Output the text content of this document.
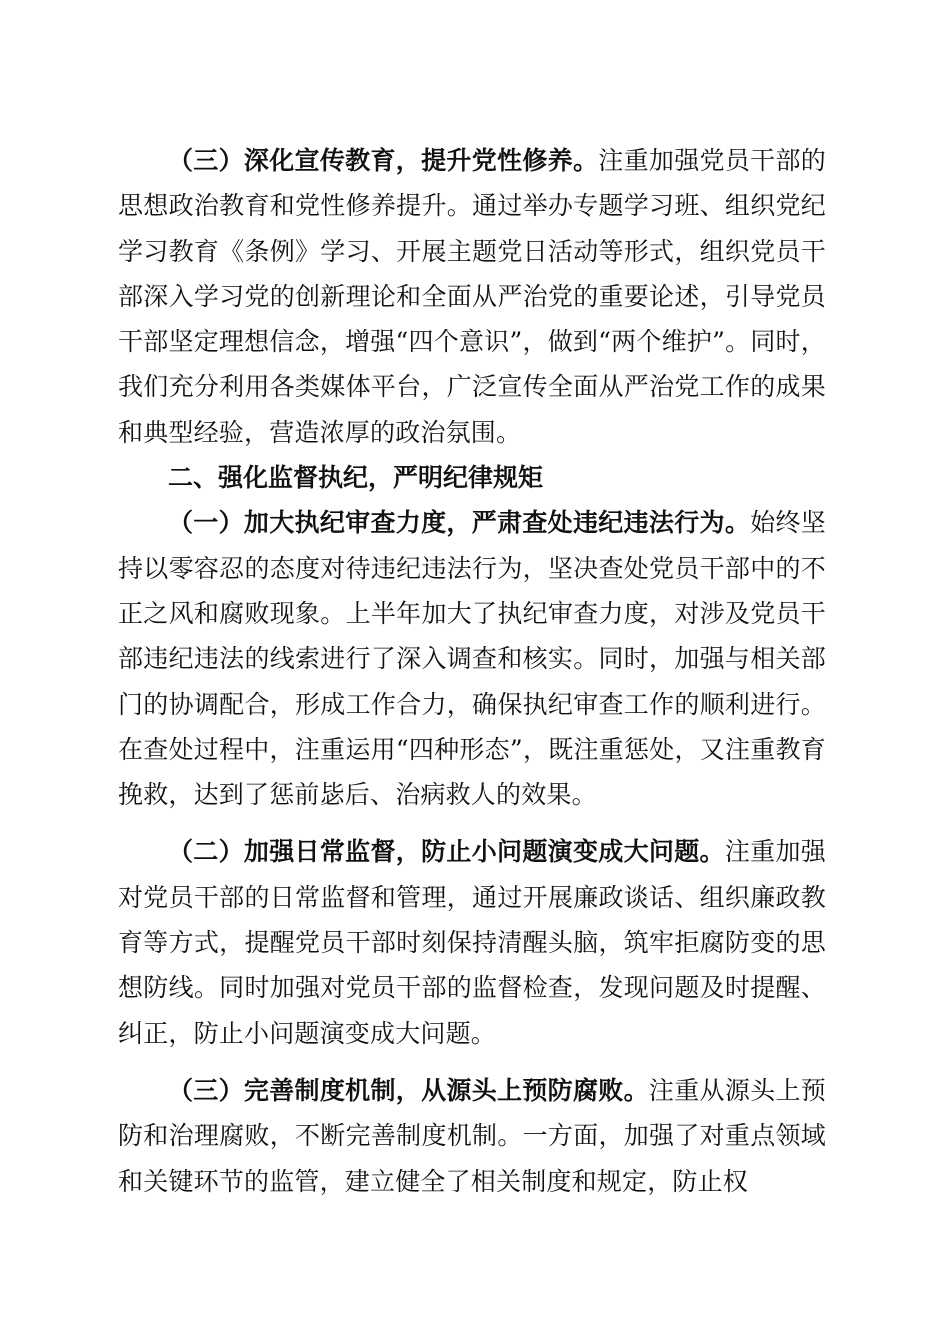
（三）深化宣传教育，提升党性修养。注重加强党员干部的思想政治教育和党性修养提升。通过举办专题学习班、组织党纪学习教育《条例》学习、开展主题党日活动等形式，组织党员干部深入学习党的创新理论和全面从严治党的重要论述，引导党员干部坚定理想信念，增强“四个意识”，做到“两个维护”。同时，我们充分利用各类媒体平台，广泛宣传全面从严治党工作的成果和典型经验，营造浓厚的政治氛围。

二、强化监督执纪，严明纪律规矩

（一）加大执纪审查力度，严肃查处违纪违法行为。始终坚持以零容忍的态度对待违纪违法行为，坚决查处党员干部中的不正之风和腐败现象。上半年加大了执纪审查力度，对涉及党员干部违纪违法的线索进行了深入调查和核实。同时，加强与相关部门的协调配合，形成工作合力，确保执纪审查工作的顺利进行。在查处过程中，注重运用“四种形态”，既注重惩处，又注重教育挽救，达到了惩前毖后、治病救人的效果。

（二）加强日常监督，防止小问题演变成大问题。注重加强对党员干部的日常监督和管理，通过开展廉政谈话、组织廉政教育等方式，提醒党员干部时刻保持清醒头脑，筑牢拒腐防变的思想防线。同时加强对党员干部的监督检查，发现问题及时提醒、纠正，防止小问题演变成大问题。

（三）完善制度机制，从源头上预防腐败。注重从源头上预防和治理腐败，不断完善制度机制。一方面，加强了对重点领域和关键环节的监管，建立健全了相关制度和规定，防止权
